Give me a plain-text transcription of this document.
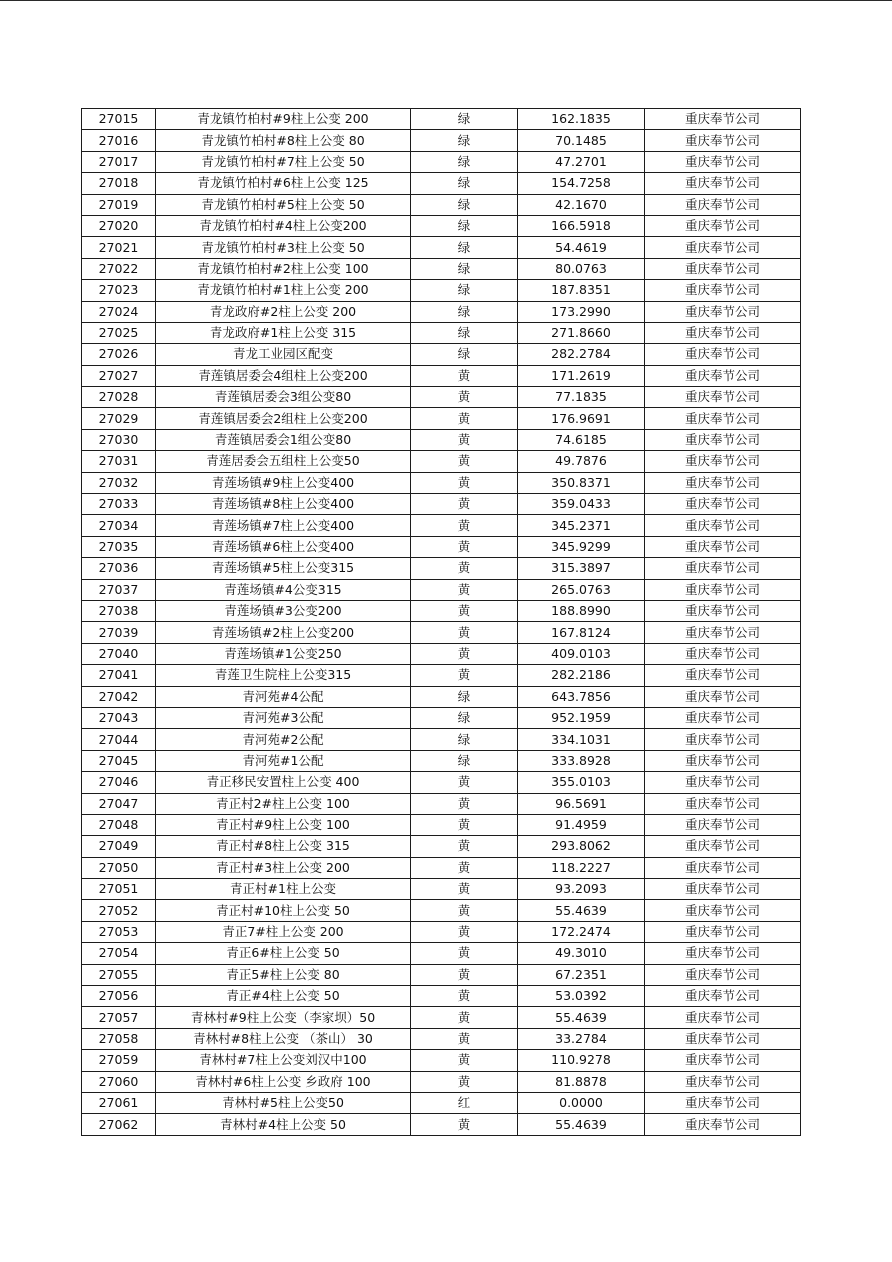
27015	青龙镇竹柏村#9柱上公变 200	绿	162.1835	重庆奉节公司
27016	青龙镇竹柏村#8柱上公变 80	绿	70.1485	重庆奉节公司
27017	青龙镇竹柏村#7柱上公变 50	绿	47.2701	重庆奉节公司
27018	青龙镇竹柏村#6柱上公变 125	绿	154.7258	重庆奉节公司
27019	青龙镇竹柏村#5柱上公变 50	绿	42.1670	重庆奉节公司
27020	青龙镇竹柏村#4柱上公变200	绿	166.5918	重庆奉节公司
27021	青龙镇竹柏村#3柱上公变 50	绿	54.4619	重庆奉节公司
27022	青龙镇竹柏村#2柱上公变 100	绿	80.0763	重庆奉节公司
27023	青龙镇竹柏村#1柱上公变 200	绿	187.8351	重庆奉节公司
27024	青龙政府#2柱上公变 200	绿	173.2990	重庆奉节公司
27025	青龙政府#1柱上公变 315	绿	271.8660	重庆奉节公司
27026	青龙工业园区配变	绿	282.2784	重庆奉节公司
27027	青莲镇居委会4组柱上公变200	黄	171.2619	重庆奉节公司
27028	青莲镇居委会3组公变80	黄	77.1835	重庆奉节公司
27029	青莲镇居委会2组柱上公变200	黄	176.9691	重庆奉节公司
27030	青莲镇居委会1组公变80	黄	74.6185	重庆奉节公司
27031	青莲居委会五组柱上公变50	黄	49.7876	重庆奉节公司
27032	青莲场镇#9柱上公变400	黄	350.8371	重庆奉节公司
27033	青莲场镇#8柱上公变400	黄	359.0433	重庆奉节公司
27034	青莲场镇#7柱上公变400	黄	345.2371	重庆奉节公司
27035	青莲场镇#6柱上公变400	黄	345.9299	重庆奉节公司
27036	青莲场镇#5柱上公变315	黄	315.3897	重庆奉节公司
27037	青莲场镇#4公变315	黄	265.0763	重庆奉节公司
27038	青莲场镇#3公变200	黄	188.8990	重庆奉节公司
27039	青莲场镇#2柱上公变200	黄	167.8124	重庆奉节公司
27040	青莲场镇#1公变250	黄	409.0103	重庆奉节公司
27041	青莲卫生院柱上公变315	黄	282.2186	重庆奉节公司
27042	青河苑#4公配	绿	643.7856	重庆奉节公司
27043	青河苑#3公配	绿	952.1959	重庆奉节公司
27044	青河苑#2公配	绿	334.1031	重庆奉节公司
27045	青河苑#1公配	绿	333.8928	重庆奉节公司
27046	青正移民安置柱上公变 400	黄	355.0103	重庆奉节公司
27047	青正村2#柱上公变 100	黄	96.5691	重庆奉节公司
27048	青正村#9柱上公变 100	黄	91.4959	重庆奉节公司
27049	青正村#8柱上公变 315	黄	293.8062	重庆奉节公司
27050	青正村#3柱上公变 200	黄	118.2227	重庆奉节公司
27051	青正村#1柱上公变	黄	93.2093	重庆奉节公司
27052	青正村#10柱上公变 50	黄	55.4639	重庆奉节公司
27053	青正7#柱上公变 200	黄	172.2474	重庆奉节公司
27054	青正6#柱上公变 50	黄	49.3010	重庆奉节公司
27055	青正5#柱上公变 80	黄	67.2351	重庆奉节公司
27056	青正#4柱上公变 50	黄	53.0392	重庆奉节公司
27057	青林村#9柱上公变（李家坝）50	黄	55.4639	重庆奉节公司
27058	青林村#8柱上公变 （茶山） 30	黄	33.2784	重庆奉节公司
27059	青林村#7柱上公变刘汉中100	黄	110.9278	重庆奉节公司
27060	青林村#6柱上公变 乡政府 100	黄	81.8878	重庆奉节公司
27061	青林村#5柱上公变50	红	0.0000	重庆奉节公司
27062	青林村#4柱上公变 50	黄	55.4639	重庆奉节公司
